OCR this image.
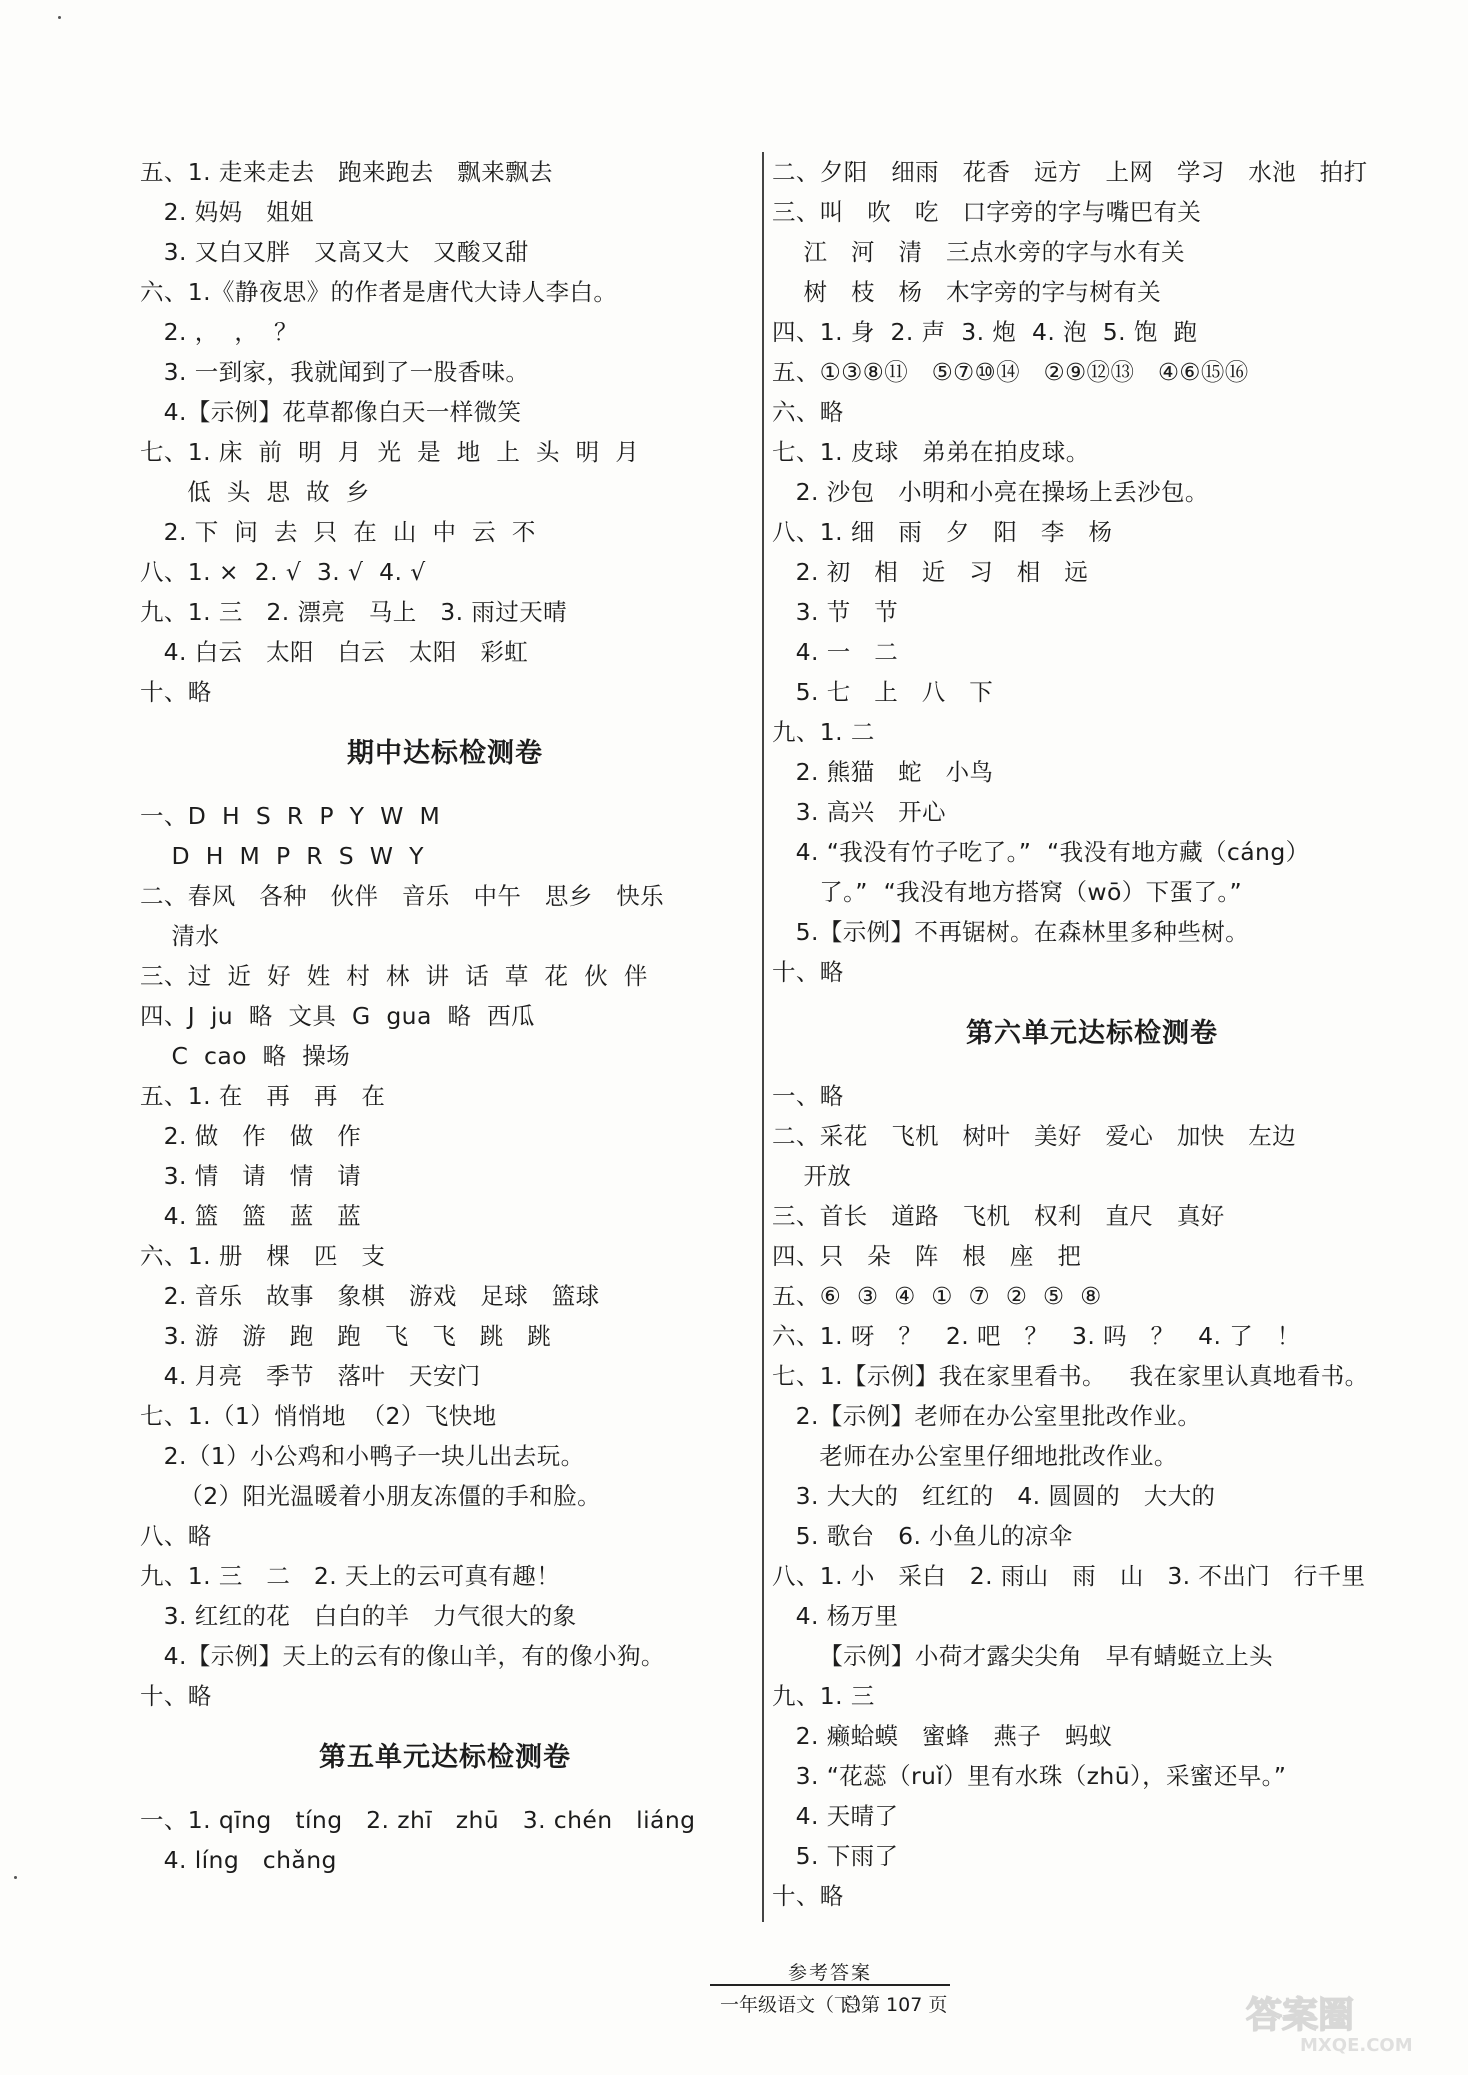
五、1. 走来走去   跑来跑去   飘来飘去
2. 妈妈   姐姐
3. 又白又胖   又高又大   又酸又甜
六、1.《静夜思》的作者是唐代大诗人李白。
2. ，  ，  ？
3. 一到家，我就闻到了一股香味。
4.【示例】花草都像白天一样微笑
七、1. 床  前  明  月  光  是  地  上  头  明  月
低  头  思  故  乡
2. 下  问  去  只  在  山  中  云  不
八、1. ×  2. √  3. √  4. √
九、1. 三   2. 漂亮   马上   3. 雨过天晴
4. 白云   太阳   白云   太阳   彩虹
十、略
期中达标检测卷
一、D  H  S  R  P  Y  W  M
D  H  M  P  R  S  W  Y
二、春风   各种   伙伴   音乐   中午   思乡   快乐
清水
三、过  近  好  姓  村  林  讲  话  草  花  伙  伴
四、J  ju  略  文具  G  gua  略  西瓜
C  cao  略  操场
五、1. 在   再   再   在
2. 做   作   做   作
3. 情   请   情   请
4. 篮   篮   蓝   蓝
六、1. 册   棵   匹   支
2. 音乐   故事   象棋   游戏   足球   篮球
3. 游   游   跑   跑   飞   飞   跳   跳
4. 月亮   季节   落叶   天安门
七、1.（1）悄悄地  （2）飞快地
2.（1）小公鸡和小鸭子一块儿出去玩。
（2）阳光温暖着小朋友冻僵的手和脸。
八、略
九、1. 三   二   2. 天上的云可真有趣！
3. 红红的花   白白的羊   力气很大的象
4.【示例】天上的云有的像山羊，有的像小狗。
十、略
第五单元达标检测卷
一、1. qīng   tíng   2. zhī   zhū   3. chén   liáng
4. líng   chǎng
二、夕阳   细雨   花香   远方   上网   学习   水池   拍打
三、叫   吹   吃   口字旁的字与嘴巴有关
江   河   清   三点水旁的字与水有关
树   枝   杨   木字旁的字与树有关
四、1. 身  2. 声  3. 炮  4. 泡  5. 饱  跑
五、①③⑧⑪   ⑤⑦⑩⑭   ②⑨⑫⑬   ④⑥⑮⑯
六、略
七、1. 皮球   弟弟在拍皮球。
2. 沙包   小明和小亮在操场上丢沙包。
八、1. 细   雨   夕   阳   李   杨
2. 初   相   近   习   相   远
3. 节   节
4. 一   二
5. 七   上   八   下
九、1. 二
2. 熊猫   蛇   小鸟
3. 高兴   开心
4. “我没有竹子吃了。”  “我没有地方藏（cáng）
了。”  “我没有地方搭窝（wō）下蛋了。”
5.【示例】不再锯树。在森林里多种些树。
十、略
第六单元达标检测卷
一、略
二、采花   飞机   树叶   美好   爱心   加快   左边
开放
三、首长   道路   飞机   权利   直尺   真好
四、只   朵   阵   根   座   把
五、⑥  ③  ④  ①  ⑦  ②  ⑤  ⑧
六、1. 呀   ？   2. 吧   ？   3. 吗   ？   4. 了   ！
七、1.【示例】我在家里看书。   我在家里认真地看书。
2.【示例】老师在办公室里批改作业。
老师在办公室里仔细地批改作业。
3. 大大的   红红的   4. 圆圆的   大大的
5. 歌台   6. 小鱼儿的凉伞
八、1. 小   采白   2. 雨山   雨   山   3. 不出门   行千里
4. 杨万里
【示例】小荷才露尖尖角   早有蜻蜓立上头
九、1. 三
2. 癞蛤蟆   蜜蜂   燕子   蚂蚁
3. “花蕊（ruǐ）里有水珠（zhū），采蜜还早。”
4. 天晴了
5. 下雨了
十、略
参考答案
一年级语文（下）
总第 107 页	答案圈
MXQE.COM
